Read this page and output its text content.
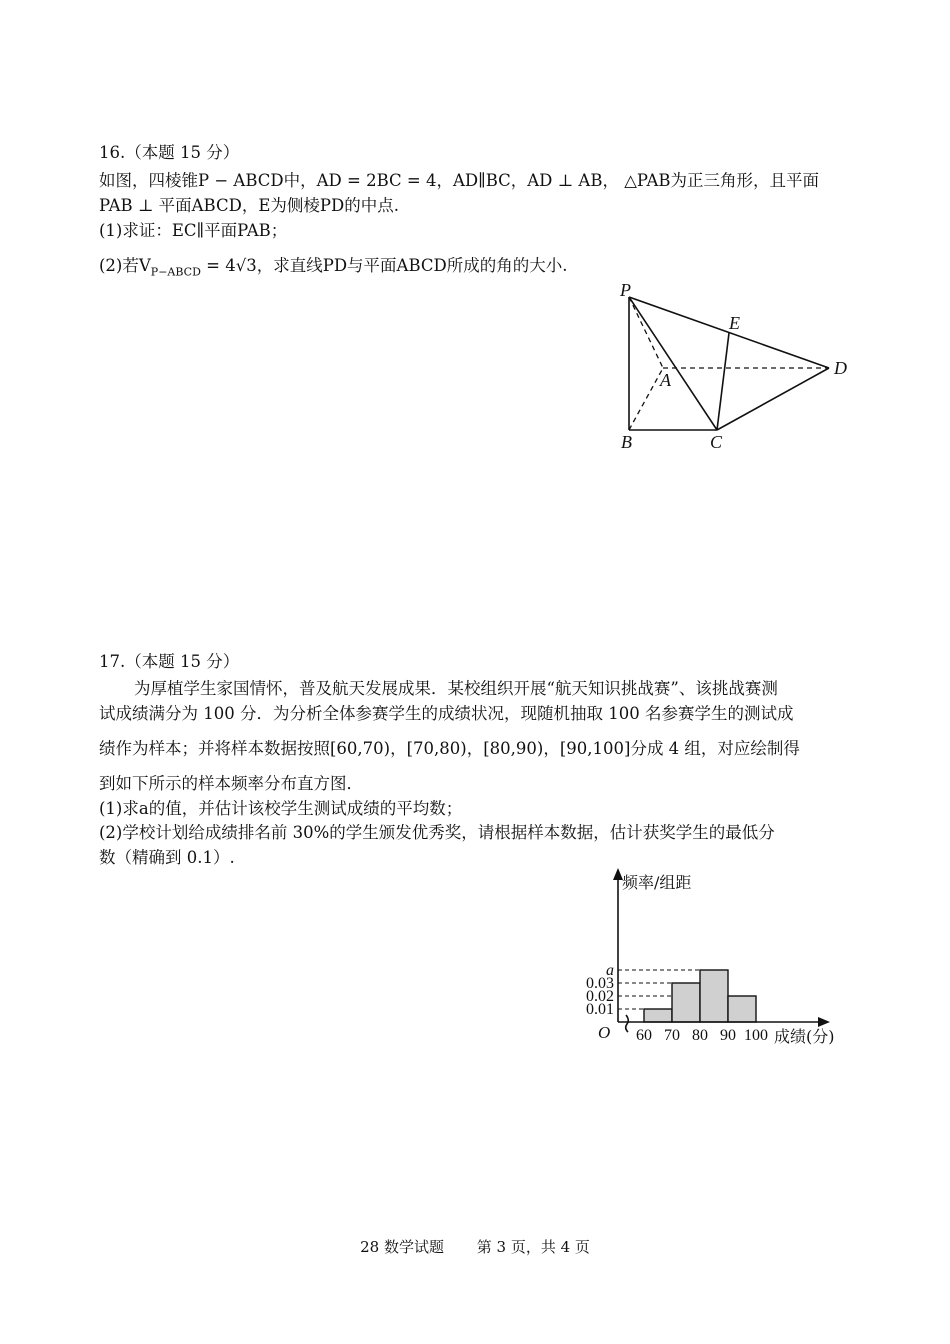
16.（本题 15 分）
如图，四棱锥P − ABCD中，AD = 2BC = 4，AD∥BC，AD ⊥ AB， △PAB为正三角形，且平面
PAB ⊥ 平面ABCD，E为侧棱PD的中点.
(1)求证：EC∥平面PAB；
(2)若$V_{P-ABCD} = 4√3$，求直线PD与平面ABCD所成的角的大小.
P
E
A
D
B	C
17.（本题 15 分）
为厚植学生家国情怀，普及航天发展成果．某校组织开展“航天知识挑战赛”、该挑战赛测
试成绩满分为 100 分．为分析全体参赛学生的成绩状况，现随机抽取 100 名参赛学生的测试成
绩作为样本；并将样本数据按照[60,70)，[70,80)，[80,90)，[90,100]分成 4 组，对应绘制得
到如下所示的样本频率分布直方图．
(1)求a的值，并估计该校学生测试成绩的平均数；
(2)学校计划给成绩排名前 30%的学生颁发优秀奖，请根据样本数据，估计获奖学生的最低分
数（精确到 0.1）.
频率/组距
成绩(分)
O 60 70 80 90 100
0.01
0.02
0.03
a
28 数学试题 第 3 页，共 4 页
